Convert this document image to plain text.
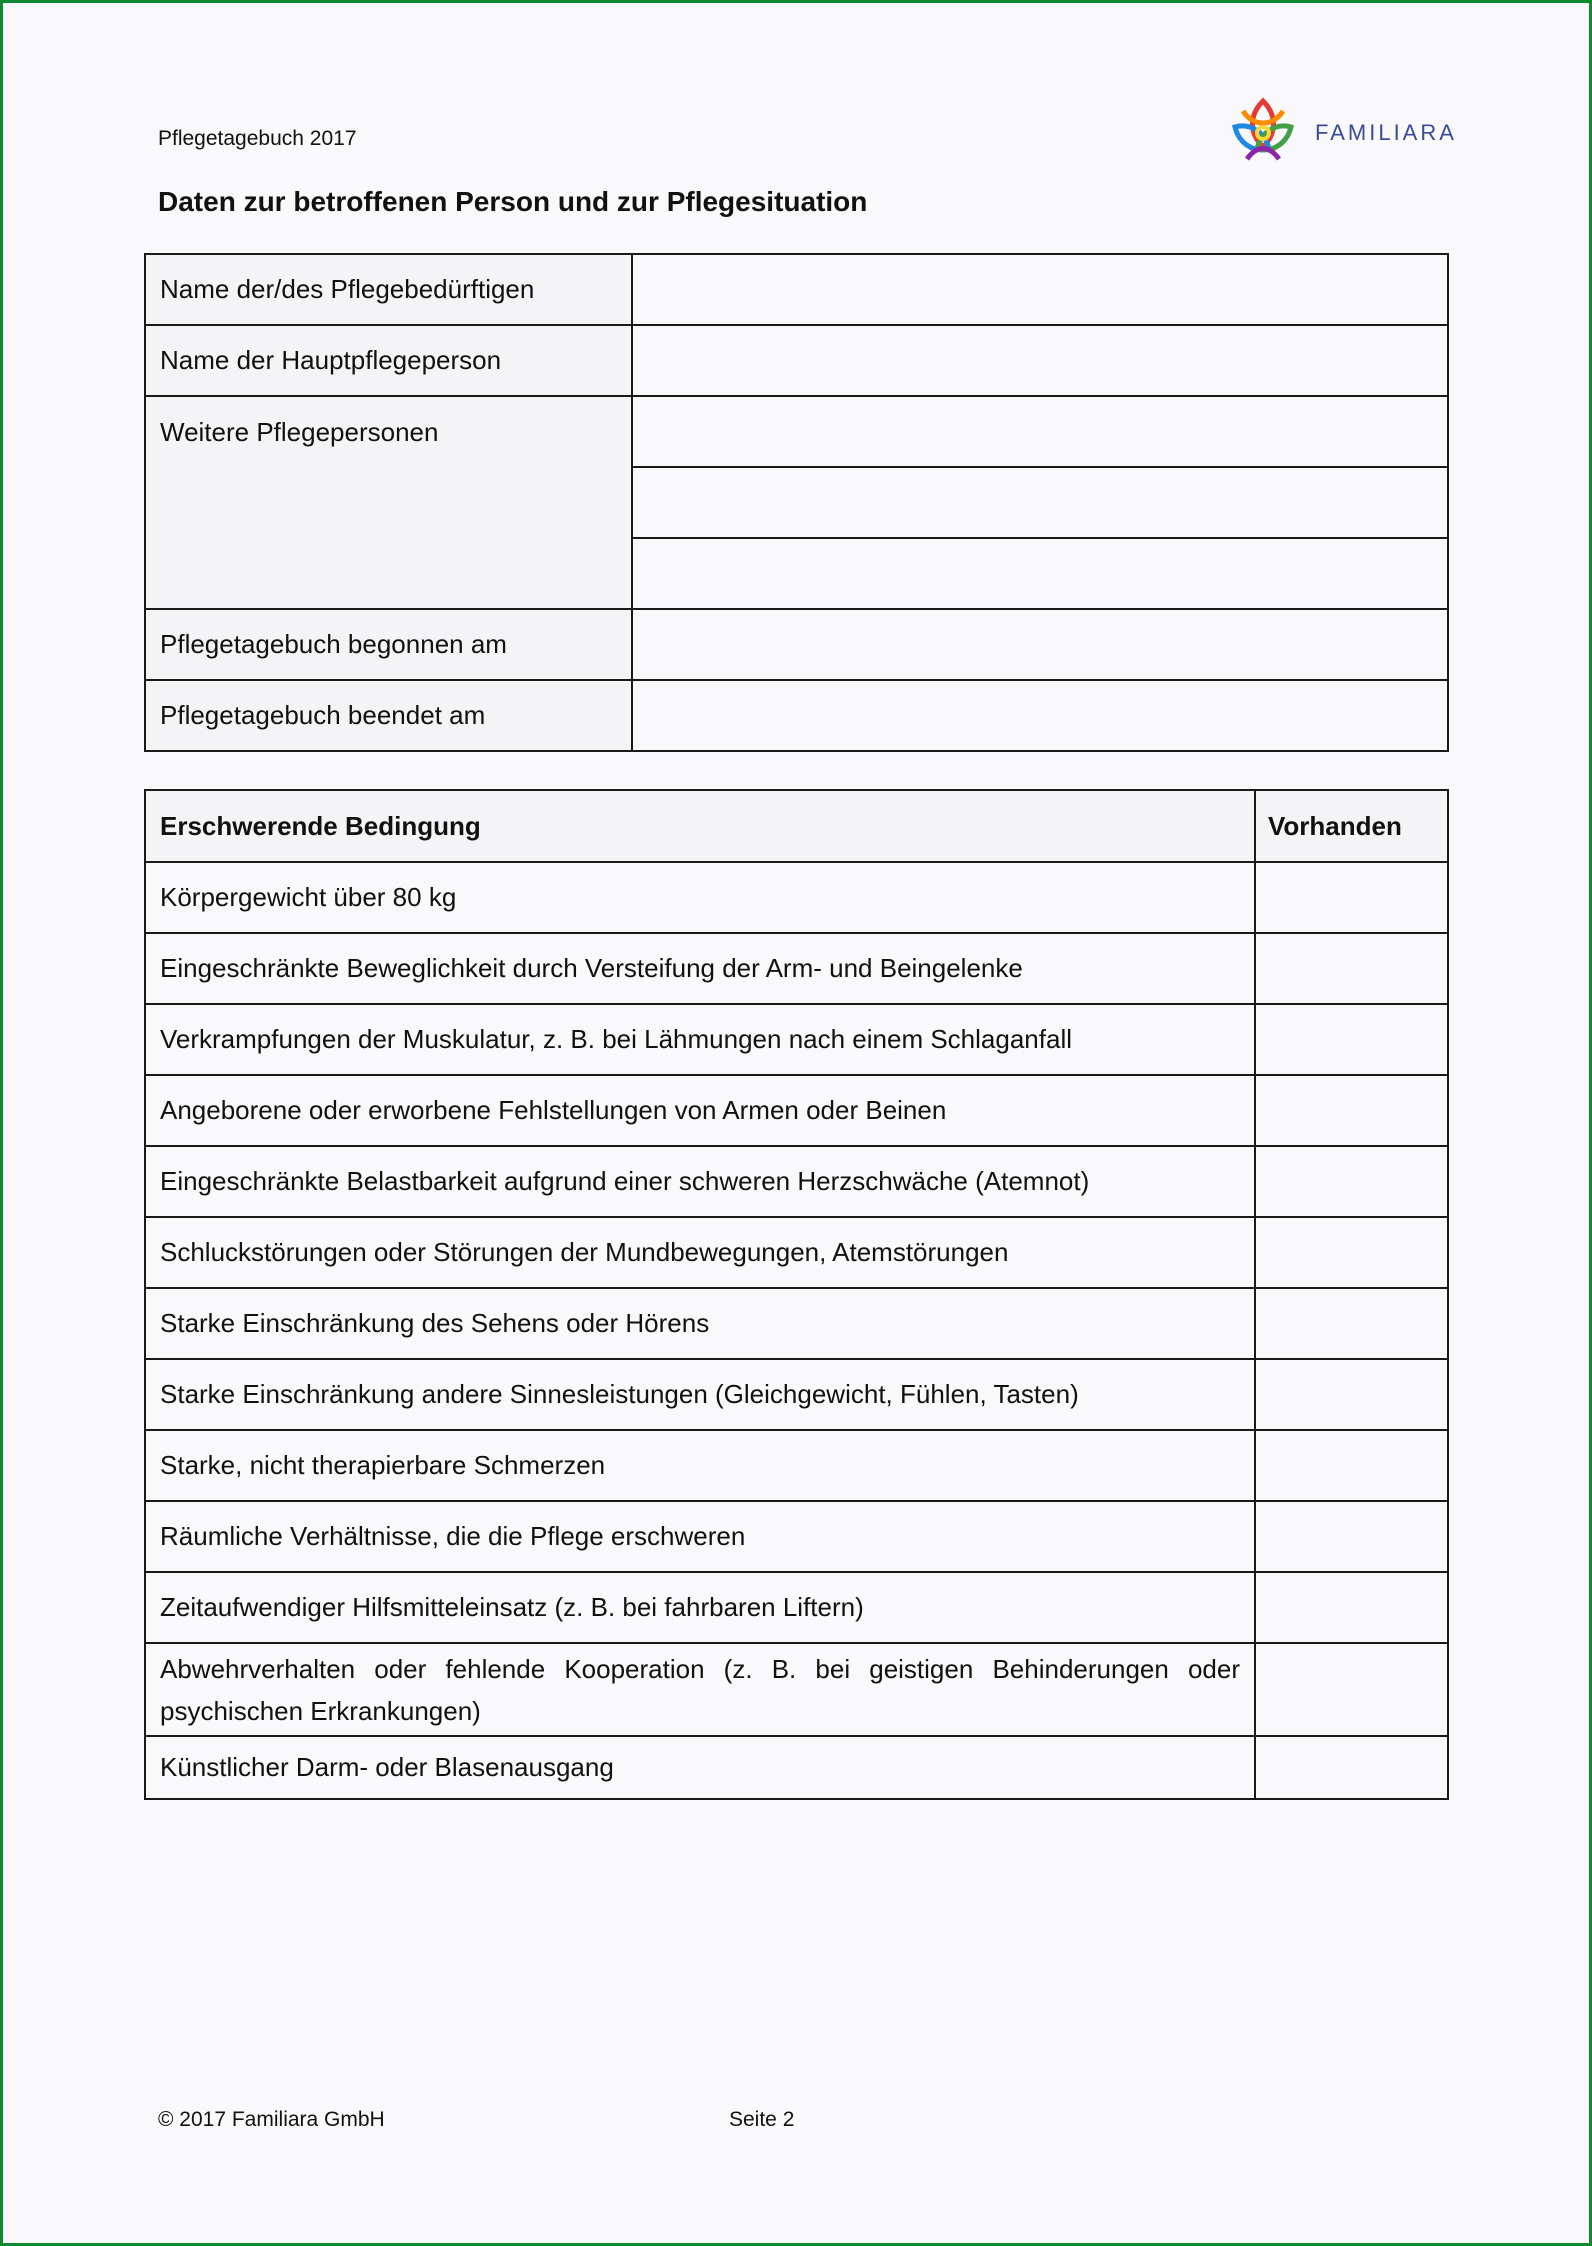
Pflegetagebuch 2017	FAMILIARA
Daten zur betroffenen Person und zur Pflegesituation
Name der/des Pflegebedürftigen	
Name der Hauptpflegeperson	
Weitere Pflegepersonen	

Pflegetagebuch begonnen am	
Pflegetagebuch beendet am	
Erschwerende Bedingung	Vorhanden
Körpergewicht über 80 kg	
Eingeschränkte Beweglichkeit durch Versteifung der Arm- und Beingelenke	
Verkrampfungen der Muskulatur, z. B. bei Lähmungen nach einem Schlaganfall	
Angeborene oder erworbene Fehlstellungen von Armen oder Beinen	
Eingeschränkte Belastbarkeit aufgrund einer schweren Herzschwäche (Atemnot)	
Schluckstörungen oder Störungen der Mundbewegungen, Atemstörungen	
Starke Einschränkung des Sehens oder Hörens	
Starke Einschränkung andere Sinnesleistungen (Gleichgewicht, Fühlen, Tasten)	
Starke, nicht therapierbare Schmerzen	
Räumliche Verhältnisse, die die Pflege erschweren	
Zeitaufwendiger Hilfsmitteleinsatz (z. B. bei fahrbaren Liftern)	
Abwehrverhalten oder fehlende Kooperation (z. B. bei geistigen Behinderungen oder psychischen Erkrankungen)	
Künstlicher Darm- oder Blasenausgang	
© 2017 Familiara GmbH	Seite 2
